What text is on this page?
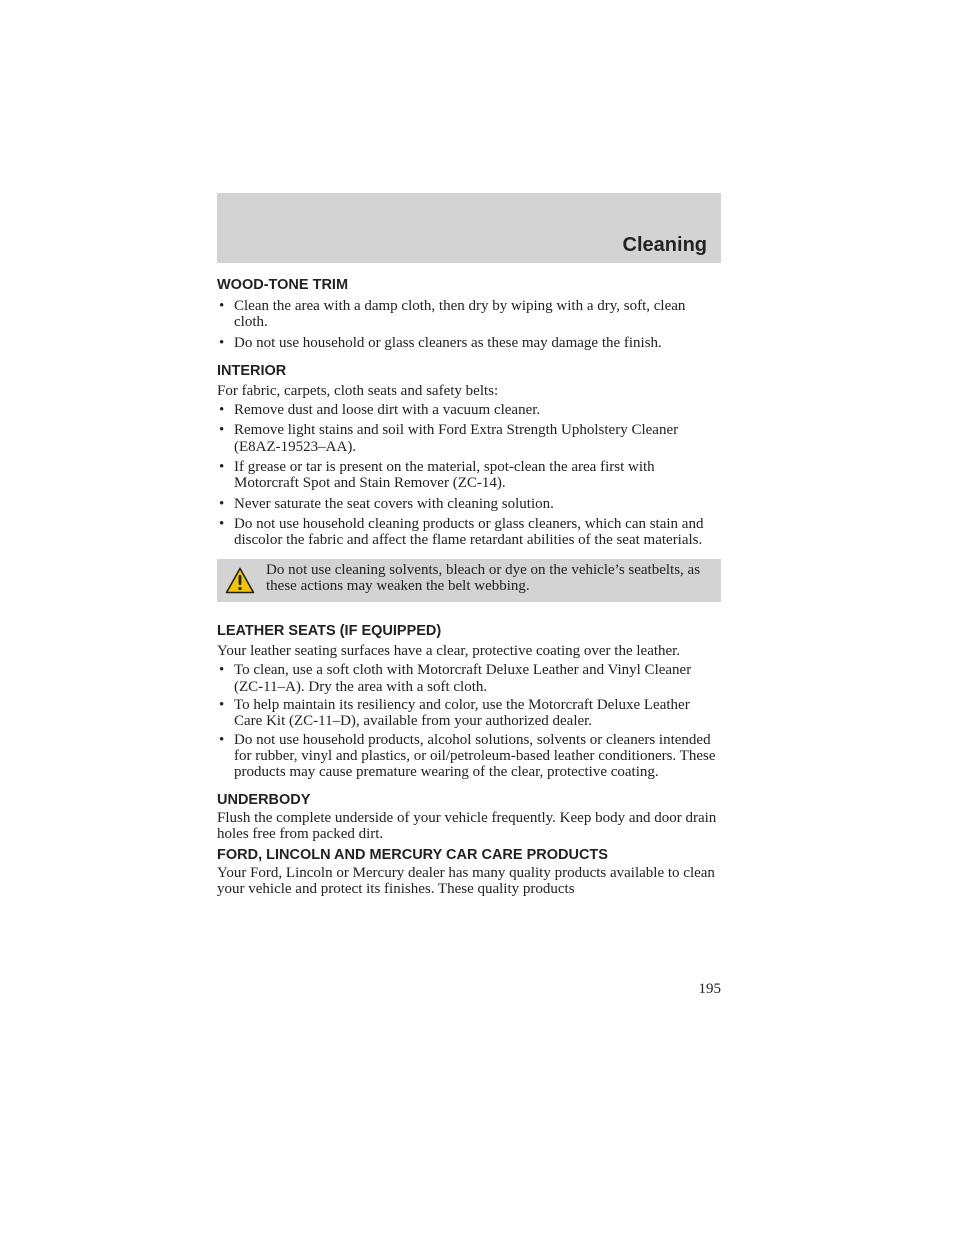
Cleaning
WOOD-TONE TRIM
• Clean the area with a damp cloth, then dry by wiping with a dry, soft, clean cloth.
• Do not use household or glass cleaners as these may damage the finish.
INTERIOR

For fabric, carpets, cloth seats and safety belts:

• Remove dust and loose dirt with a vacuum cleaner.
• Remove light stains and soil with Ford Extra Strength Upholstery Cleaner (E8AZ-19523–AA).
• If grease or tar is present on the material, spot-clean the area first with Motorcraft Spot and Stain Remover (ZC-14).
• Never saturate the seat covers with cleaning solution.
• Do not use household cleaning products or glass cleaners, which can stain and discolor the fabric and affect the flame retardant abilities of the seat materials.

Do not use cleaning solvents, bleach or dye on the vehicle’s seatbelts, as these actions may weaken the belt webbing.

LEATHER SEATS (IF EQUIPPED)

Your leather seating surfaces have a clear, protective coating over the leather.

• To clean, use a soft cloth with Motorcraft Deluxe Leather and Vinyl Cleaner (ZC-11–A). Dry the area with a soft cloth.
• To help maintain its resiliency and color, use the Motorcraft Deluxe Leather Care Kit (ZC-11–D), available from your authorized dealer.
• Do not use household products, alcohol solutions, solvents or cleaners intended for rubber, vinyl and plastics, or oil/petroleum-based leather conditioners. These products may cause premature wearing of the clear, protective coating.
UNDERBODY

Flush the complete underside of your vehicle frequently. Keep body and door drain holes free from packed dirt.

FORD, LINCOLN AND MERCURY CAR CARE PRODUCTS

Your Ford, Lincoln or Mercury dealer has many quality products available to clean your vehicle and protect its finishes. These quality products

195
